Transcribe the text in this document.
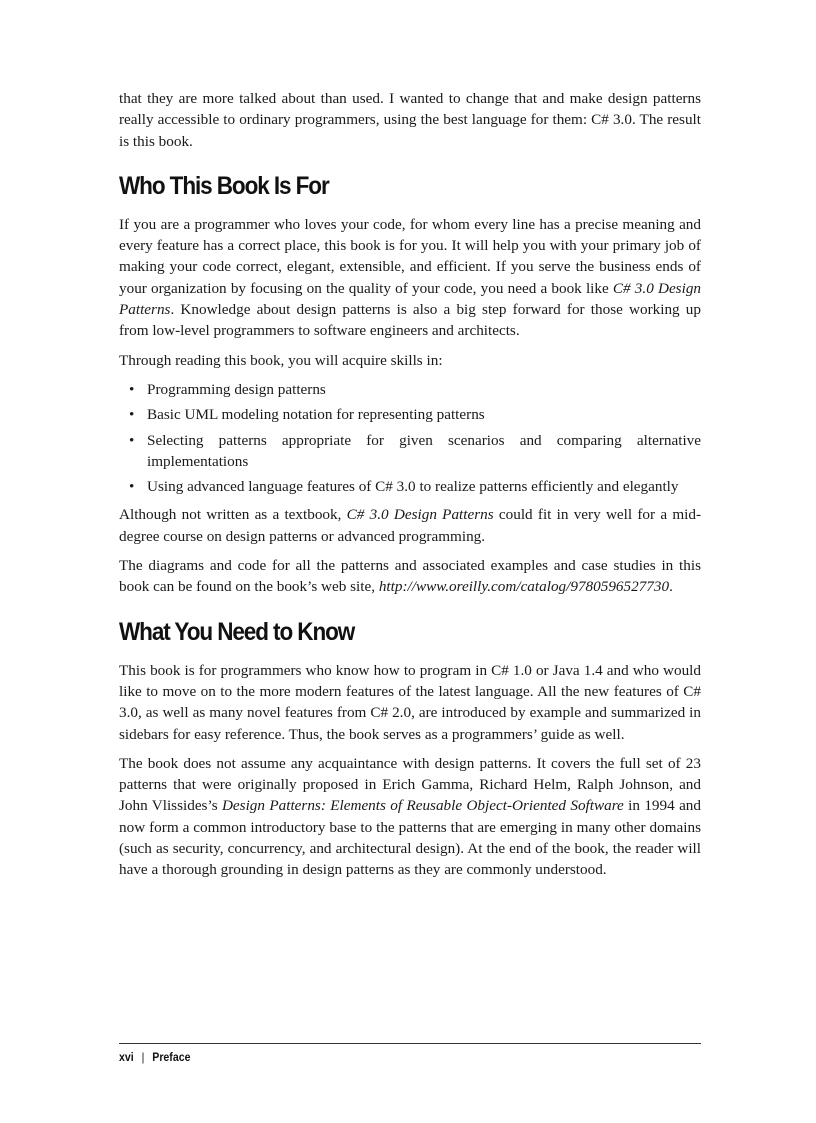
that they are more talked about than used. I wanted to change that and make design patterns really accessible to ordinary programmers, using the best language for them: C# 3.0. The result is this book.

Who This Book Is For

If you are a programmer who loves your code, for whom every line has a precise meaning and every feature has a correct place, this book is for you. It will help you with your primary job of making your code correct, elegant, extensible, and efficient. If you serve the business ends of your organization by focusing on the quality of your code, you need a book like C# 3.0 Design Patterns. Knowledge about design patterns is also a big step forward for those working up from low-level programmers to software engineers and architects.

Through reading this book, you will acquire skills in:

• Programming design patterns
• Basic UML modeling notation for representing patterns
• Selecting patterns appropriate for given scenarios and comparing alternative implementations
• Using advanced language features of C# 3.0 to realize patterns efficiently and elegantly

Although not written as a textbook, C# 3.0 Design Patterns could fit in very well for a mid-degree course on design patterns or advanced programming.

The diagrams and code for all the patterns and associated examples and case studies in this book can be found on the book’s web site, http://www.oreilly.com/catalog/9780596527730.

What You Need to Know

This book is for programmers who know how to program in C# 1.0 or Java 1.4 and who would like to move on to the more modern features of the latest language. All the new features of C# 3.0, as well as many novel features from C# 2.0, are introduced by example and summarized in sidebars for easy reference. Thus, the book serves as a programmers’ guide as well.

The book does not assume any acquaintance with design patterns. It covers the full set of 23 patterns that were originally proposed in Erich Gamma, Richard Helm, Ralph Johnson, and John Vlissides’s Design Patterns: Elements of Reusable Object-Oriented Software in 1994 and now form a common introductory base to the patterns that are emerging in many other domains (such as security, concurrency, and architectural design). At the end of the book, the reader will have a thorough grounding in design patterns as they are commonly understood.

xvi | Preface
